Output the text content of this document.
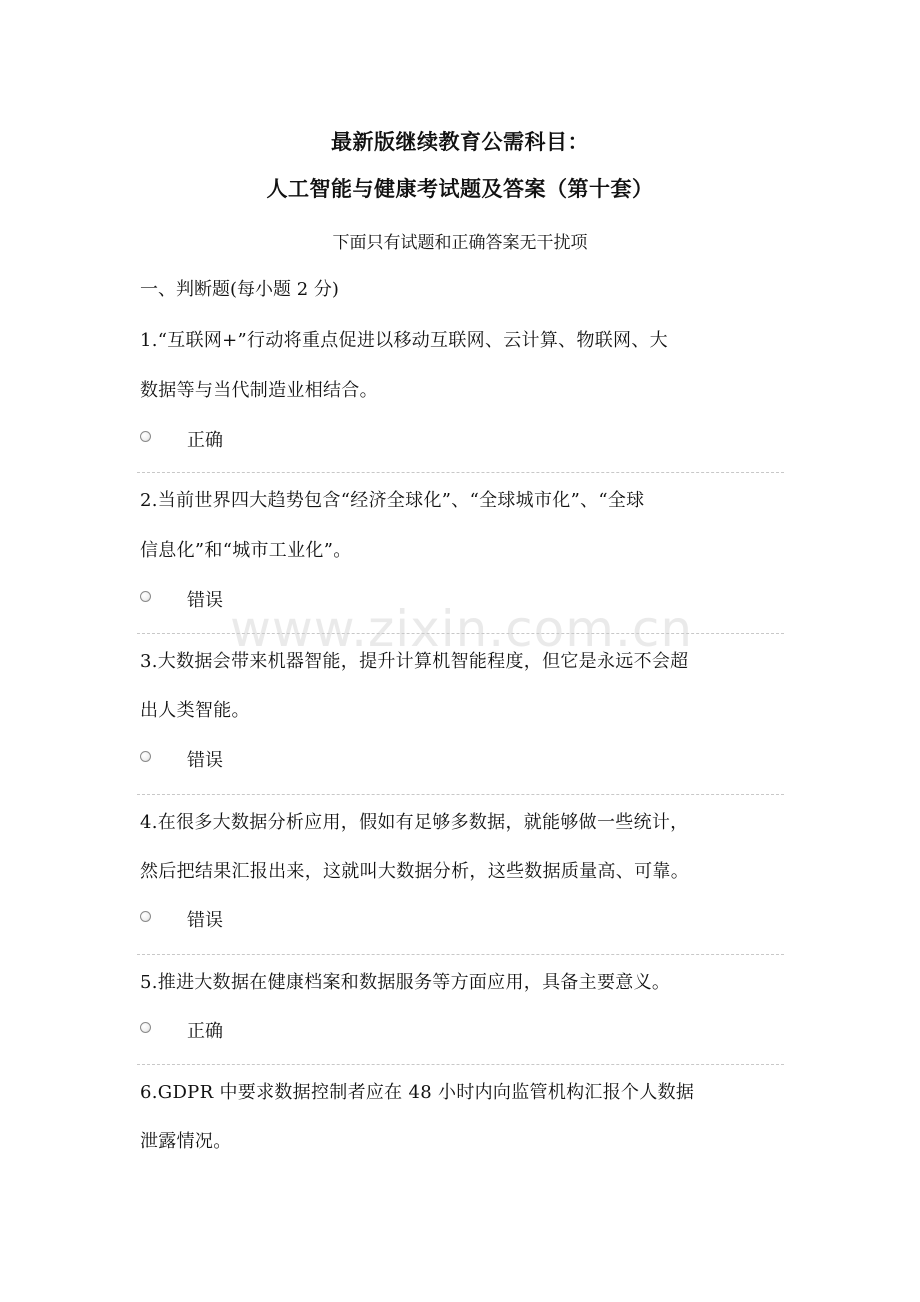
最新版继续教育公需科目：
人工智能与健康考试题及答案（第十套）
下面只有试题和正确答案无干扰项
一、判断题(每小题 2 分)
www.zixin.com.cn
1.“互联网+”行动将重点促进以移动互联网、云计算、物联网、大
数据等与当代制造业相结合。
正确
2.当前世界四大趋势包含“经济全球化”、“全球城市化”、“全球
信息化”和“城市工业化”。
错误
3.大数据会带来机器智能，提升计算机智能程度，但它是永远不会超
出人类智能。
错误
4.在很多大数据分析应用，假如有足够多数据，就能够做一些统计，
然后把结果汇报出来，这就叫大数据分析，这些数据质量高、可靠。
错误
5.推进大数据在健康档案和数据服务等方面应用，具备主要意义。
正确
6.GDPR 中要求数据控制者应在 48 小时内向监管机构汇报个人数据
泄露情况。
